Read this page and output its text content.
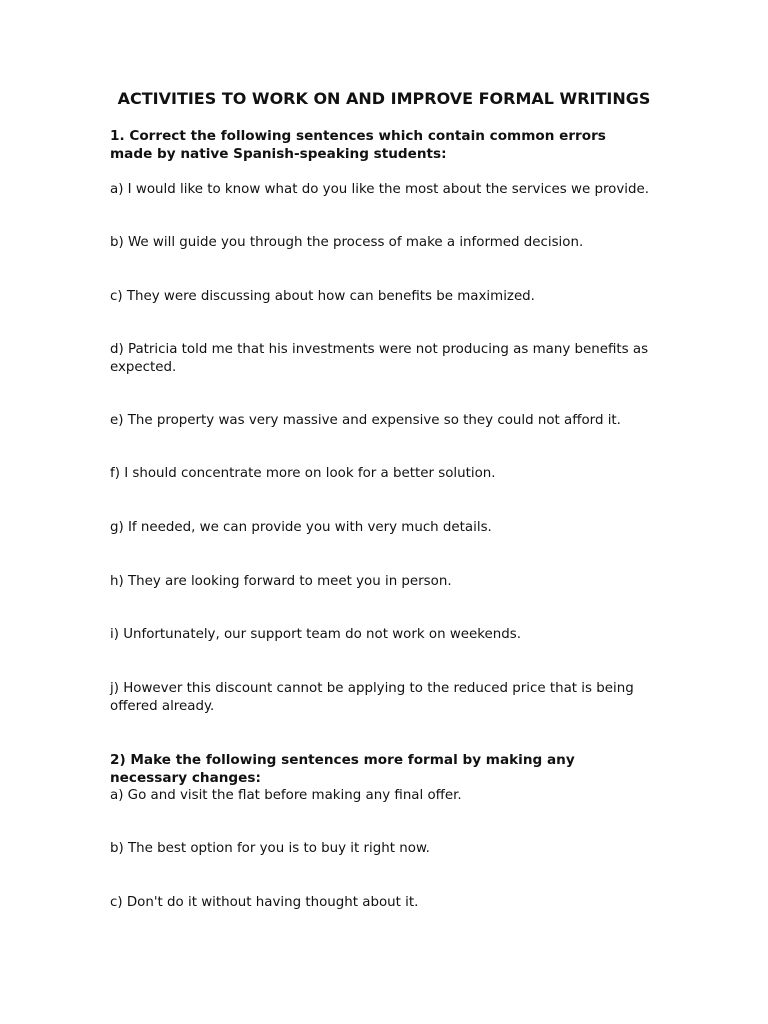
ACTIVITIES TO WORK ON AND IMPROVE FORMAL WRITINGS
1. Correct the following sentences which contain common errors made by native Spanish-speaking students:
a) I would like to know what do you like the most about the services we provide.
b) We will guide you through the process of make a informed decision.
c) They were discussing about how can benefits be maximized.
d) Patricia told me that his investments were not producing as many benefits as expected.
e) The property was very massive and expensive so they could not afford it.
f) I should concentrate more on look for a better solution.
g) If needed, we can provide you with very much details.
h) They are looking forward to meet you in person.
i) Unfortunately, our support team do not work on weekends.
j) However this discount cannot be applying to the reduced price that is being offered already.
2) Make the following sentences more formal by making any necessary changes:
a) Go and visit the flat before making any final offer.
b) The best option for you is to buy it right now.
c) Don't do it without having thought about it.
